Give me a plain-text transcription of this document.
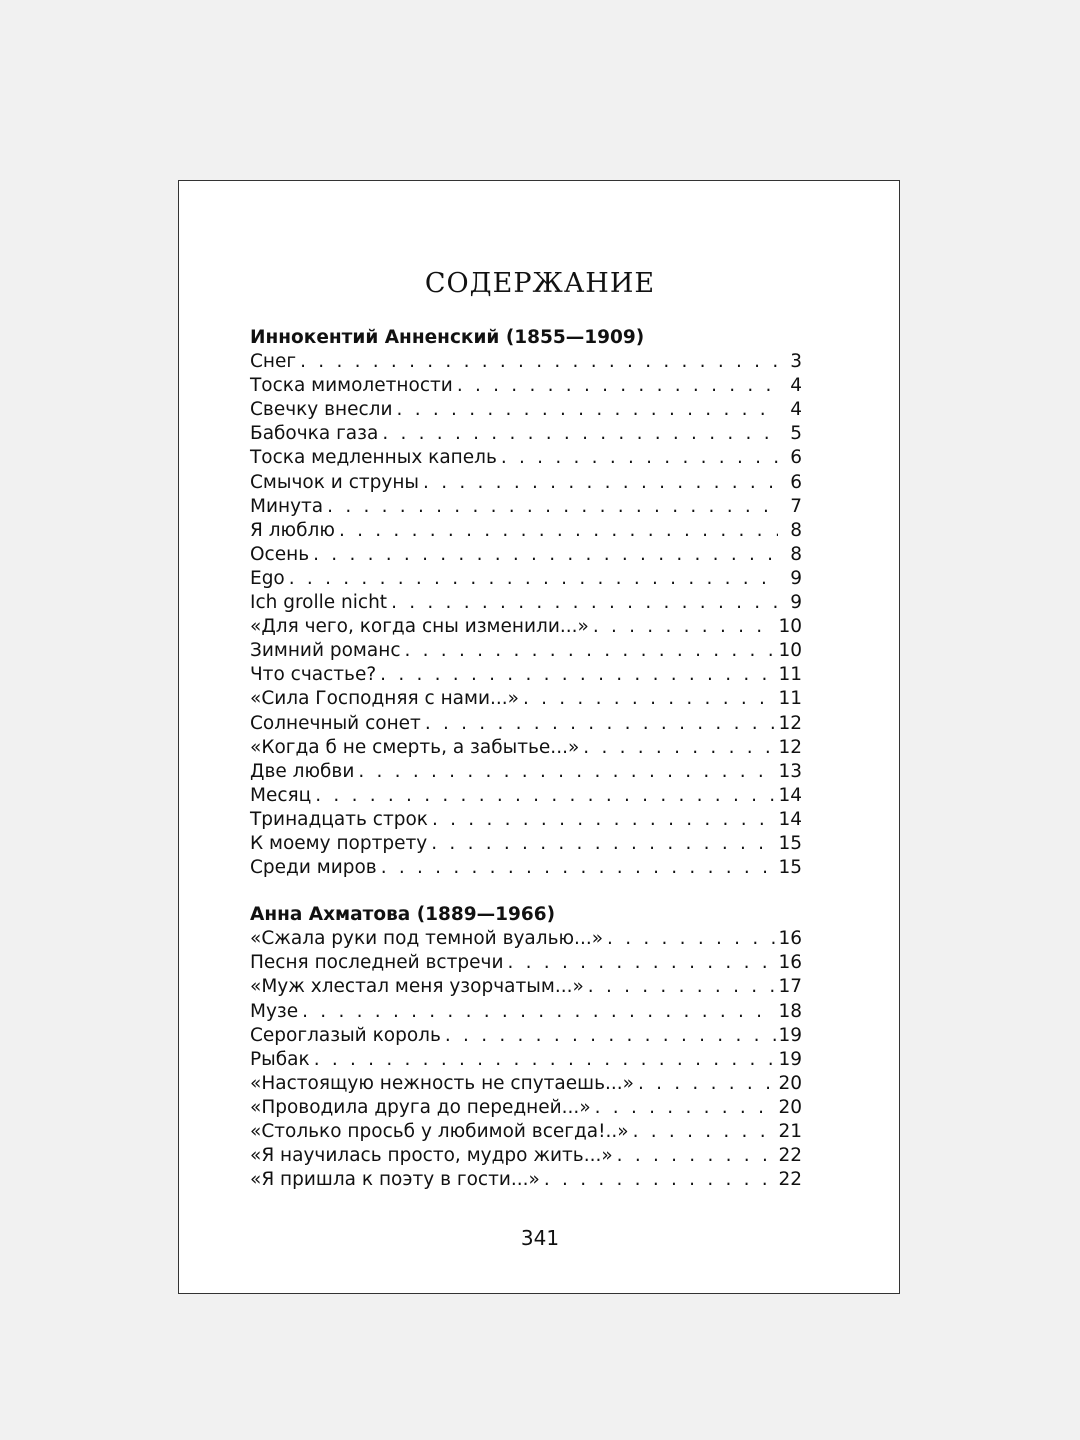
СОДЕРЖАНИЕ
Иннокентий Анненский (1855—1909)
Снег . . .	3
Тоска мимолетности . . .	4
Свечку внесли . . .	4
Бабочка газа . . .	5
Тоска медленных капель . . .	6
Смычок и струны . . .	6
Минута . . .	7
Я люблю . . .	8
Осень . . .	8
Ego . . .	9
Ich grolle nicht . . .	9
«Для чего, когда сны изменили...» . . .	10
Зимний романс . . .	10
Что счастье? . . .	11
«Сила Господняя с нами...» . . .	11
Солнечный сонет . . .	12
«Когда б не смерть, а забытье...» . . .	12
Две любви . . .	13
Месяц . . .	14
Тринадцать строк . . .	14
К моему портрету . . .	15
Среди миров . . .	15
Анна Ахматова (1889—1966)
«Сжала руки под темной вуалью...» . . .	16
Песня последней встречи . . .	16
«Муж хлестал меня узорчатым...» . . .	17
Музе . . .	18
Сероглазый король . . .	19
Рыбак . . .	19
«Настоящую нежность не спутаешь...» . . .	20
«Проводила друга до передней...» . . .	20
«Столько просьб у любимой всегда!..» . . .	21
«Я научилась просто, мудро жить...» . . .	22
«Я пришла к поэту в гости...» . . .	22
341
